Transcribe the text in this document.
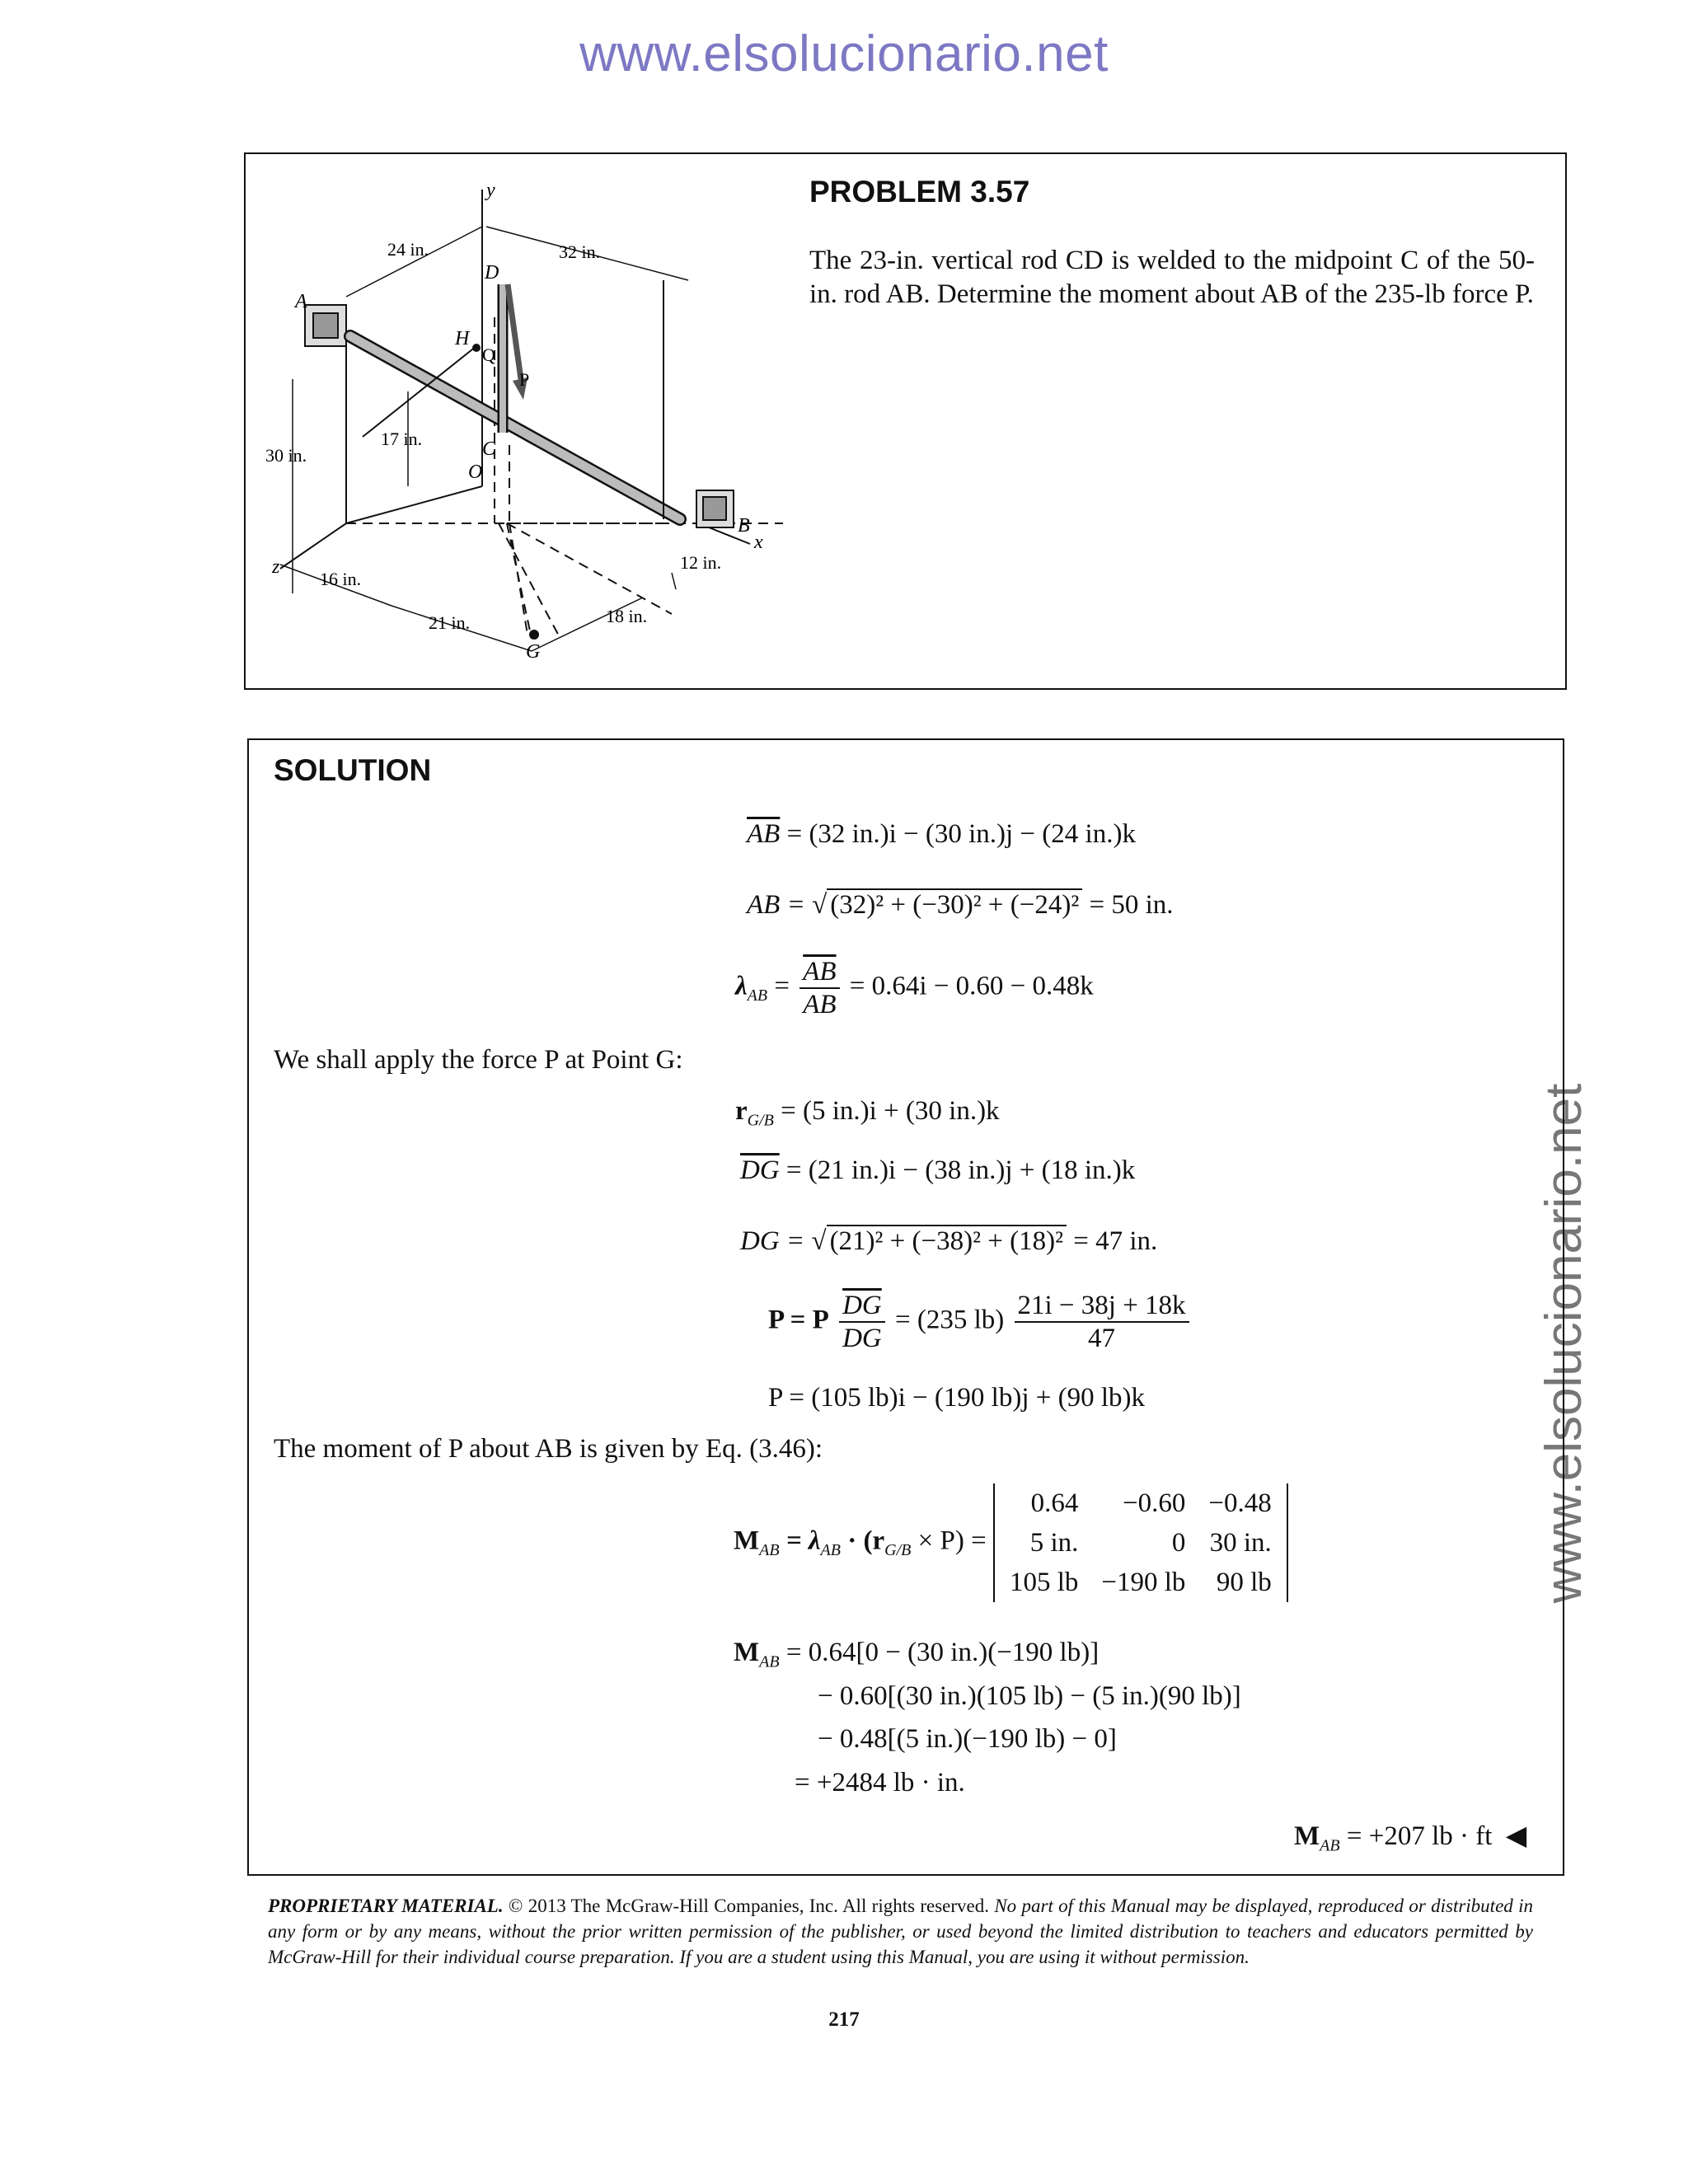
www.elsolucionario.net
www.elsolucionario.net
y
A
B
C
D
H
O
G
x
z
Q
P
24 in.	32 in.
30 in.
17 in.
16 in.
21 in.	18 in.
12 in.
PROBLEM 3.57
The 23-in. vertical rod CD is welded to the midpoint C of the 50-in. rod AB. Determine the moment about AB of the 235-lb force P.
SOLUTION
$\overline{AB} = (32$ in.)i − (30 in.)j − (24 in.)k
AB = √ (32)² + (−30)² + (−24)² = 50 in.
$\lambda_{AB} = \frac{\overline{AB}}{AB} = 0.64i - 0.60 - 0.48k$
We shall apply the force P at Point G:
$r_{G/B} = (5$ in.)i + (30 in.)k
$\overline{DG} = (21$ in.)i − (38 in.)j + (18 in.)k
DG = √ (21)² + (−38)² + (18)² = 47 in.
P = P $\frac{\overline{DG}}{DG} = (235$ $lb) \frac{21i - 38j + 18k}{47}$
P = (105 lb)i − (190 lb)j + (90 lb)k
The moment of P about AB is given by Eq. (3.46):
$M_{AB} = \lambda_{AB} \cdot (r_{G/B} \times P)$ =
0.64	−0.60	−0.48
5 in.	0	30 in.
105 lb	−190 lb	90 lb
$M_{AB} = 0.64[0 - (30$ in.)(−190 lb)]
− 0.60[(30 in.)(105 lb) − (5 in.)(90 lb)]
− 0.48[(5 in.)(−190 lb) − 0]
= +2484 lb · in.
$M_{AB} = +207$ lb · ft ◀
PROPRIETARY MATERIAL. © 2013 The McGraw-Hill Companies, Inc. All rights reserved. No part of this Manual may be displayed, reproduced or distributed in any form or by any means, without the prior written permission of the publisher, or used beyond the limited distribution to teachers and educators permitted by McGraw-Hill for their individual course preparation. If you are a student using this Manual, you are using it without permission.
217
